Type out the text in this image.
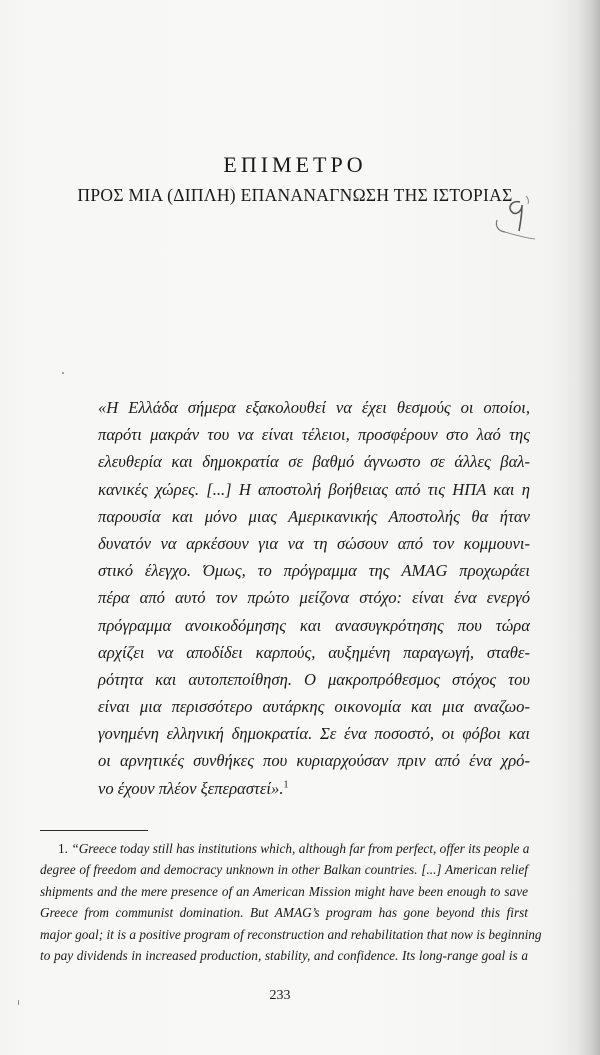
ΕΠΙΜΕΤΡΟ
ΠΡΟΣ ΜΙΑ (ΔΙΠΛΗ) ΕΠΑΝΑΝΑΓΝΩΣΗ ΤΗΣ ΙΣΤΟΡΙΑΣ
«Η Ελλάδα σήμερα εξακολουθεί να έχει θεσμούς οι οποίοι,
παρότι μακράν του να είναι τέλειοι, προσφέρουν στο λαό της
ελευθερία και δημοκρατία σε βαθμό άγνωστο σε άλλες βαλ-
κανικές χώρες. [...] Η αποστολή βοήθειας από τις ΗΠΑ και η
παρουσία και μόνο μιας Αμερικανικής Αποστολής θα ήταν
δυνατόν να αρκέσουν για να τη σώσουν από τον κομμουνι-
στικό έλεγχο. Όμως, το πρόγραμμα της AMAG προχωράει
πέρα από αυτό τον πρώτο μείζονα στόχο: είναι ένα ενεργό
πρόγραμμα ανοικοδόμησης και ανασυγκρότησης που τώρα
αρχίζει να αποδίδει καρπούς, αυξημένη παραγωγή, σταθε-
ρότητα και αυτοπεποίθηση. Ο μακροπρόθεσμος στόχος του
είναι μια περισσότερο αυτάρκης οικονομία και μια αναζωο-
γονημένη ελληνική δημοκρατία. Σε ένα ποσοστό, οι φόβοι και
οι αρνητικές συνθήκες που κυριαρχούσαν πριν από ένα χρό-
νο έχουν πλέον ξεπεραστεί».$^1$
1. “Greece today still has institutions which, although far from perfect, offer its people a
degree of freedom and democracy unknown in other Balkan countries. [...] American relief
shipments and the mere presence of an American Mission might have been enough to save
Greece from communist domination. But AMAG’s program has gone beyond this first
major goal; it is a positive program of reconstruction and rehabilitation that now is beginning
to pay dividends in increased production, stability, and confidence. Its long-range goal is a
233
